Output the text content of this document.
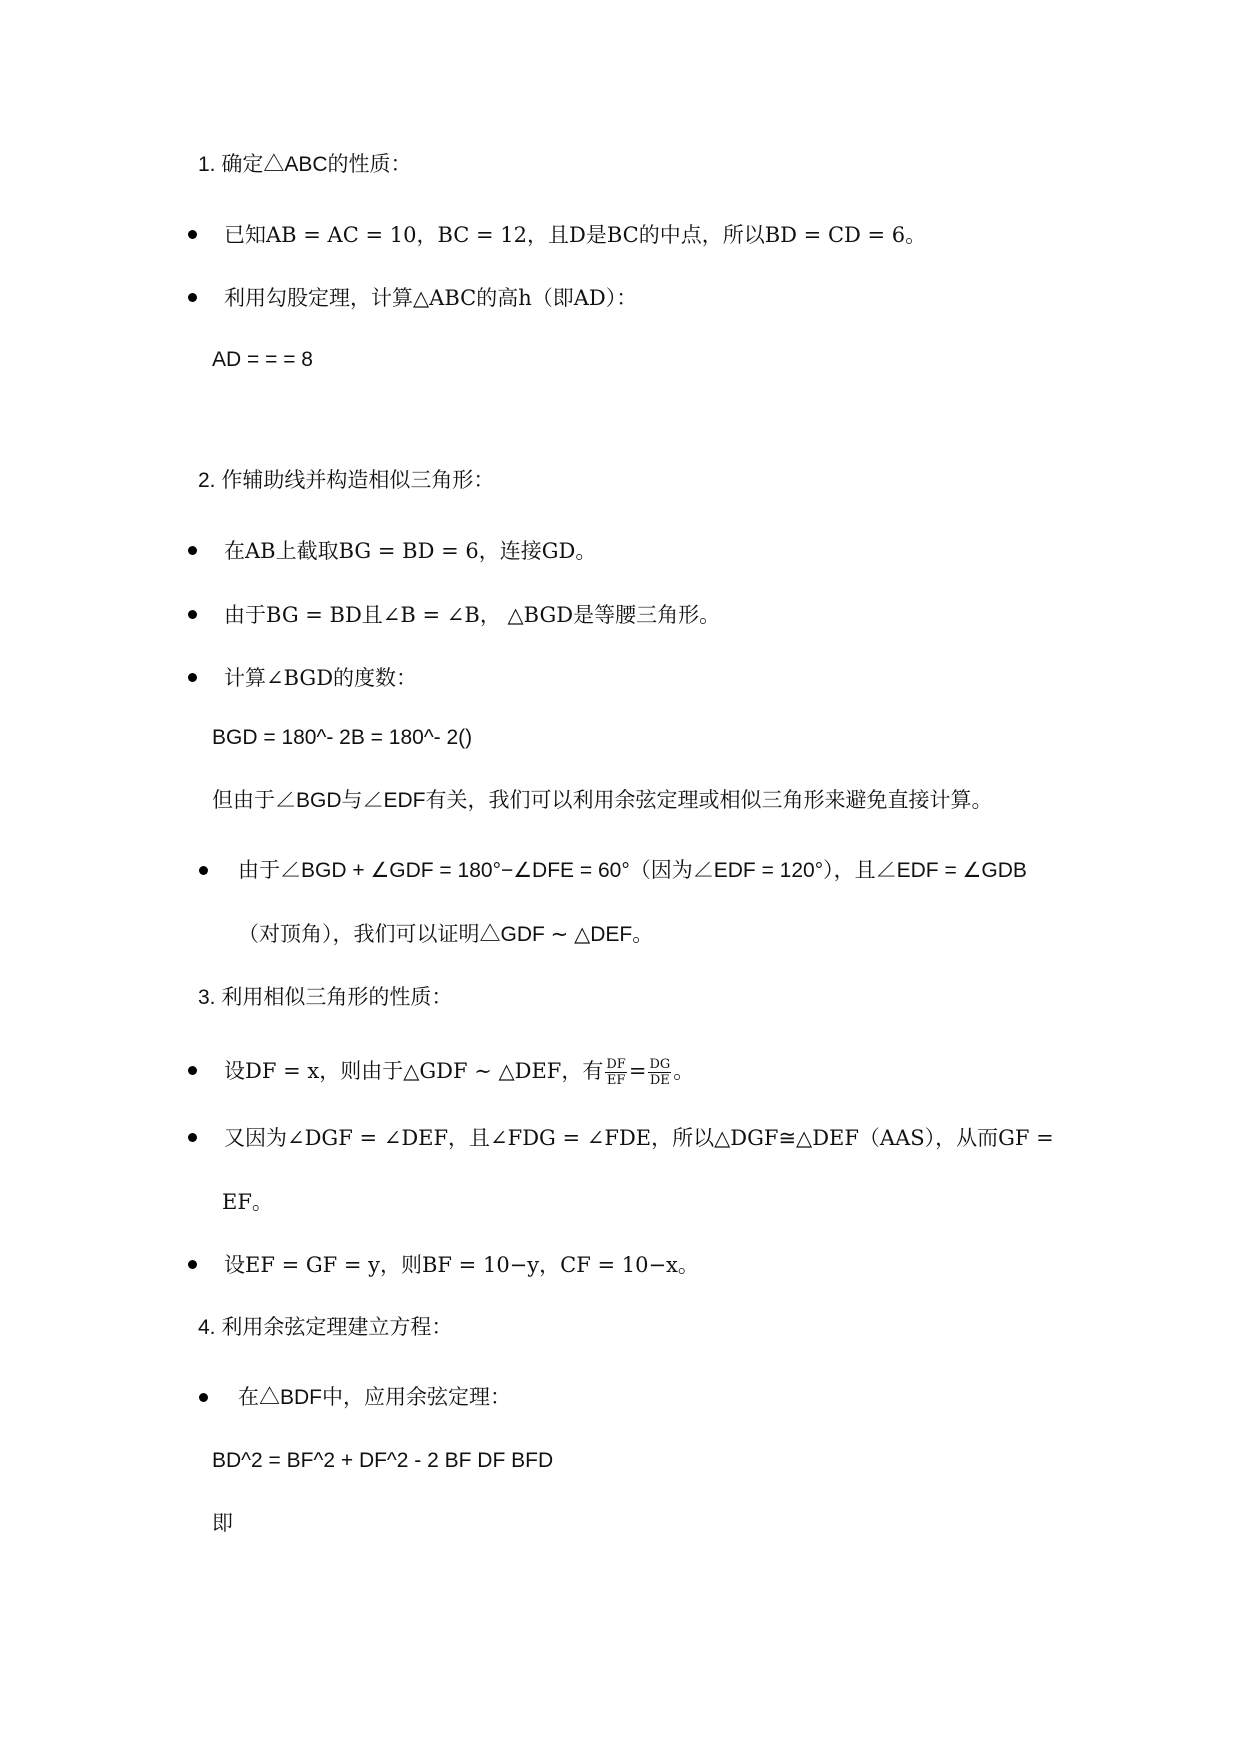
1. 确定△ABC的性质：
已知AB = AC = 10，BC = 12，且D是BC的中点，所以BD = CD = 6。
利用勾股定理，计算△ABC的高h（即AD）：
AD = = = 8
2. 作辅助线并构造相似三角形：
在AB上截取BG = BD = 6，连接GD。
由于BG = BD且∠B = ∠B， △BGD是等腰三角形。
计算∠BGD的度数：
BGD = 180^- 2B = 180^- 2()
但由于∠BGD与∠EDF有关，我们可以利用余弦定理或相似三角形来避免直接计算。
由于∠BGD + ∠GDF = 180°−∠DFE = 60°（因为∠EDF = 120°），且∠EDF = ∠GDB
（对顶角），我们可以证明△GDF ∼ △DEF。
3. 利用相似三角形的性质：
设DF = x，则由于△GDF ∼ △DEF，有 $\frac{DF}{EF} = \frac{DG}{DE}$ 。
又因为∠DGF = ∠DEF，且∠FDG = ∠FDE，所以△DGF≅△DEF（AAS），从而GF =
EF。
设EF = GF = y，则BF = 10−y，CF = 10−x。
4. 利用余弦定理建立方程：
在△BDF中，应用余弦定理：
BD^2 = BF^2 + DF^2 - 2 BF DF BFD
即
